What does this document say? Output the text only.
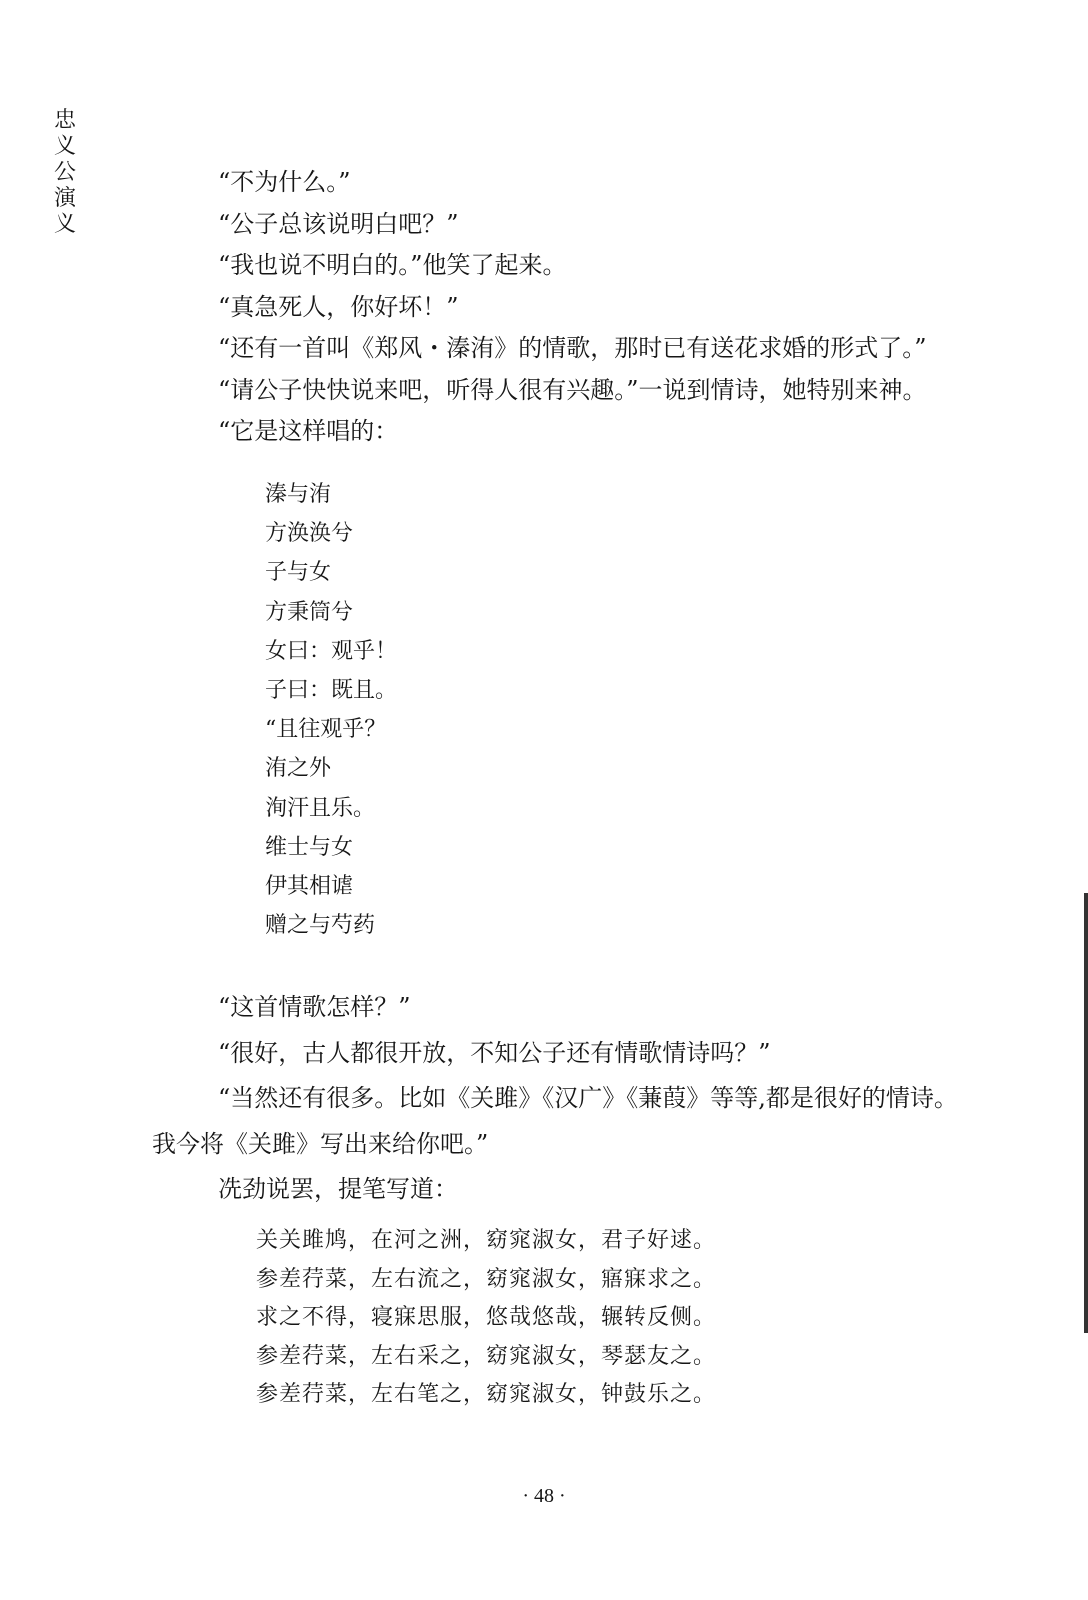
忠义公演义

“不为什么。”

“公子总该说明白吧？”

“我也说不明白的。”他笑了起来。

“真急死人，你好坏！”

“还有一首叫《郑风・溱洧》的情歌，那时已有送花求婚的形式了。”

“请公子快快说来吧，听得人很有兴趣。”一说到情诗，她特别来神。

“它是这样唱的：

溱与洧

方涣涣兮

子与女

方秉筒兮

女曰：观乎！

子曰：既且。

“且往观乎？

洧之外

洵汗且乐。

维士与女

伊其相谑

赠之与芍药

“这首情歌怎样？”

“很好，古人都很开放，不知公子还有情歌情诗吗？”

“当然还有很多。比如《关雎》《汉广》《蒹葭》等等,都是很好的情诗。

我今将《关雎》写出来给你吧。”

冼劲说罢，提笔写道：

关关雎鸠，在河之洲，窈窕淑女，君子好逑。

参差荇菜，左右流之，窈窕淑女，寤寐求之。

求之不得，寝寐思服，悠哉悠哉，辗转反侧。

参差荇菜，左右采之，窈窕淑女，琴瑟友之。

参差荇菜，左右笔之，窈窕淑女，钟鼓乐之。

· 48 ·
